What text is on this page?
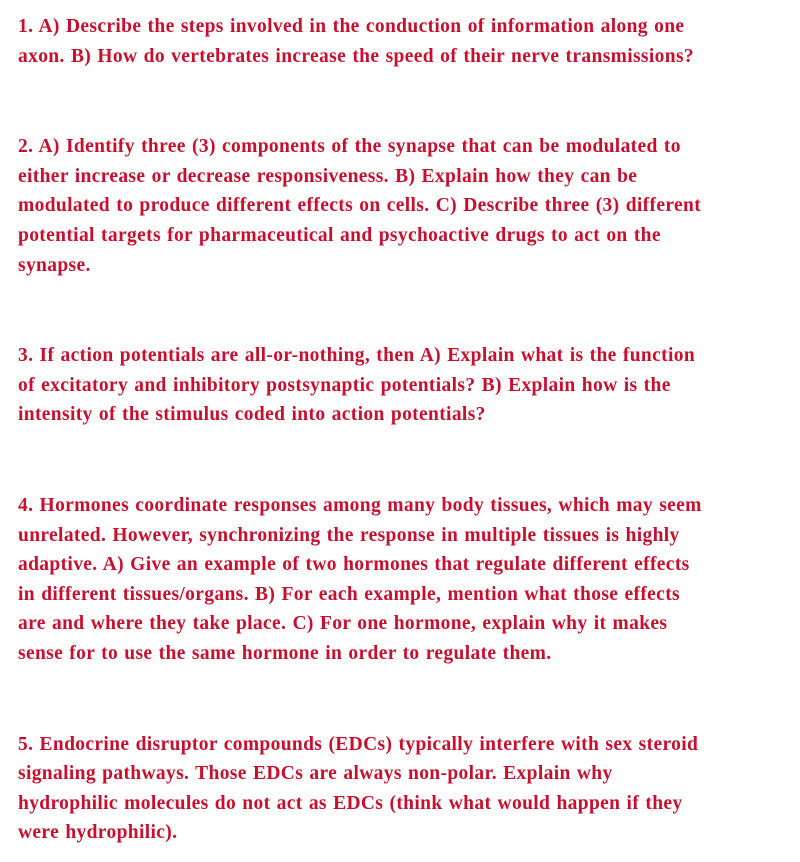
1. A) Describe the steps involved in the conduction of information along one
axon. B) How do vertebrates increase the speed of their nerve transmissions?
2. A) Identify three (3) components of the synapse that can be modulated to
either increase or decrease responsiveness. B) Explain how they can be
modulated to produce different effects on cells. C) Describe three (3) different
potential targets for pharmaceutical and psychoactive drugs to act on the
synapse.
3. If action potentials are all-or-nothing, then A) Explain what is the function
of excitatory and inhibitory postsynaptic potentials? B) Explain how is the
intensity of the stimulus coded into action potentials?
4. Hormones coordinate responses among many body tissues, which may seem
unrelated. However, synchronizing the response in multiple tissues is highly
adaptive. A) Give an example of two hormones that regulate different effects
in different tissues/organs. B) For each example, mention what those effects
are and where they take place. C) For one hormone, explain why it makes
sense for to use the same hormone in order to regulate them.
5. Endocrine disruptor compounds (EDCs) typically interfere with sex steroid
signaling pathways. Those EDCs are always non-polar. Explain why
hydrophilic molecules do not act as EDCs (think what would happen if they
were hydrophilic).
